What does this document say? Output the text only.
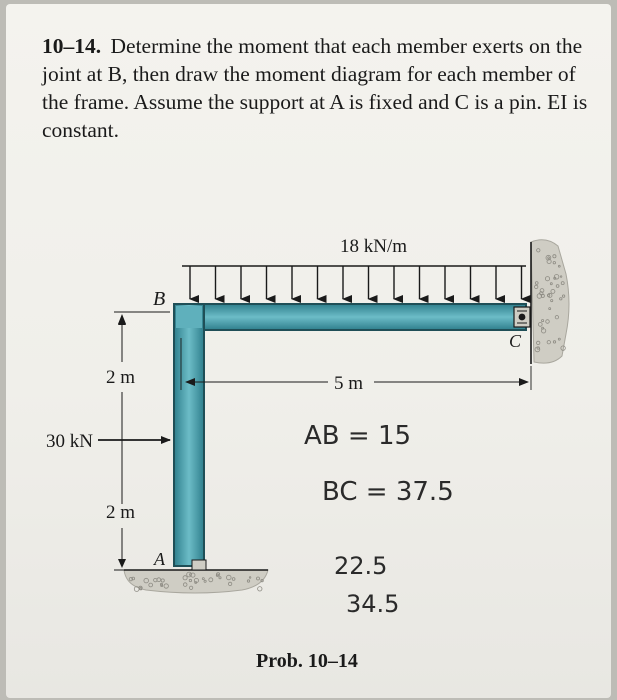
10–14. Determine the moment that each member exerts on the joint at B, then draw the moment diagram for each member of the frame. Assume the support at A is fixed and C is a pin. EI is constant.
18 kN/m
B
C
A
5 m
2 m
2 m
30 kN	AB = 15
BC = 37.5
22.5
34.5
Prob. 10–14
